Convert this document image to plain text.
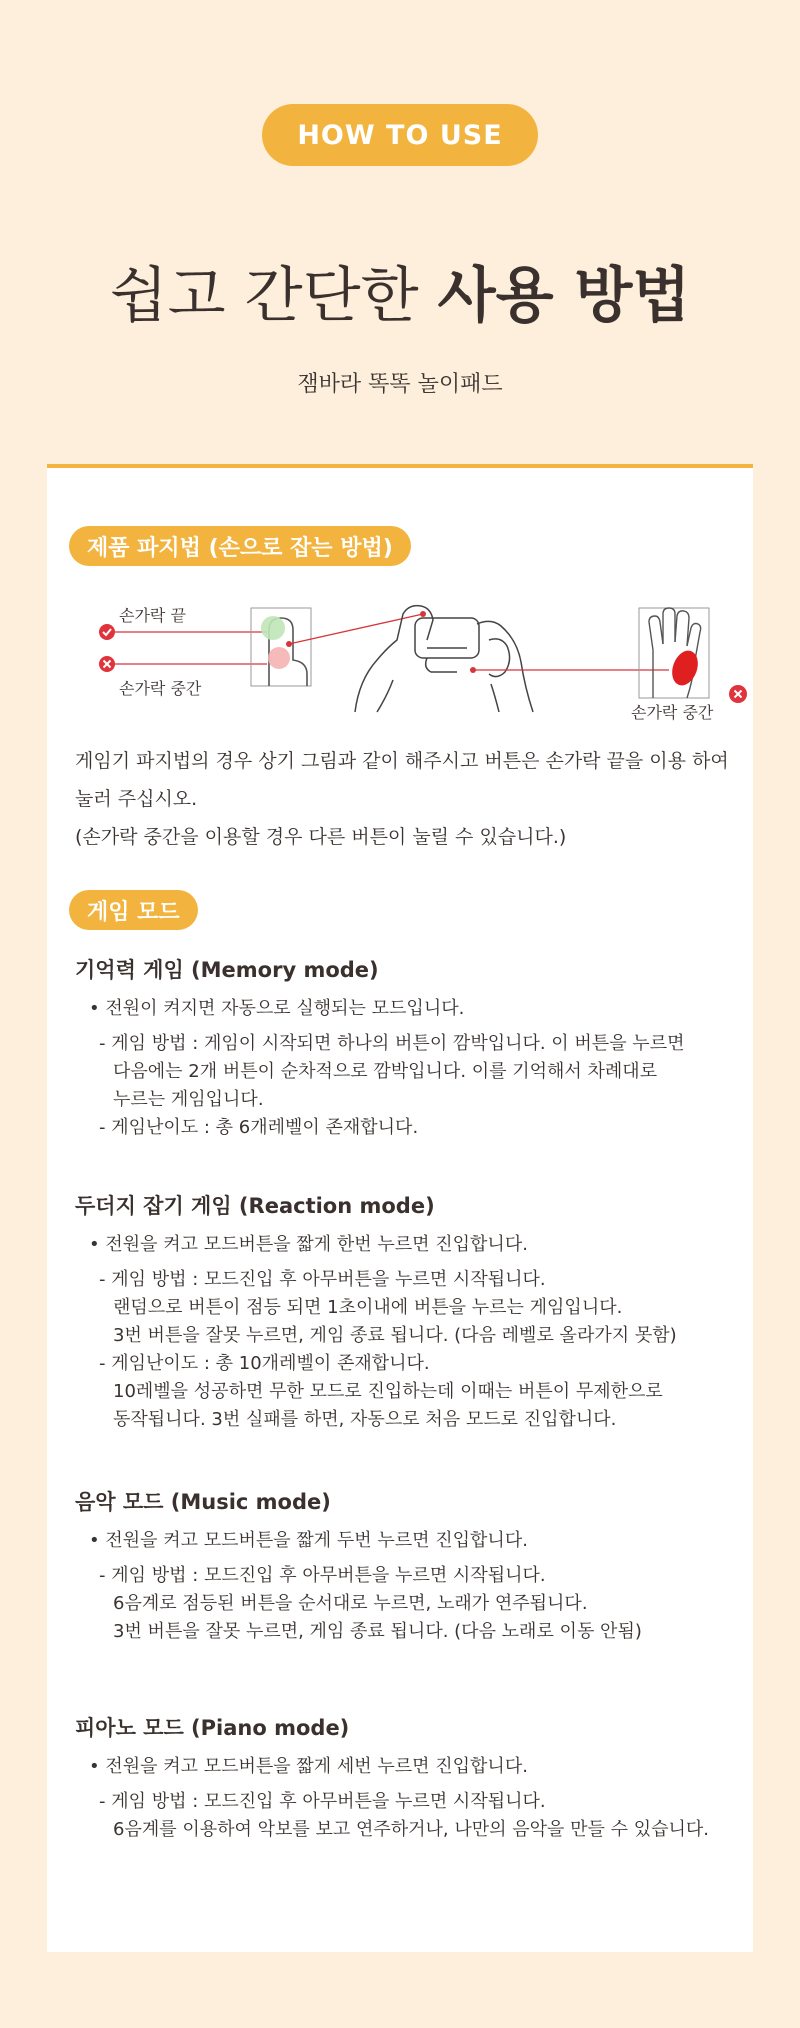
HOW TO USE
쉽고 간단한 사용 방법
잼바라 똑똑 놀이패드
제품 파지법 (손으로 잡는 방법)
손가락 끝
손가락 중간
손가락 중간
게임기 파지법의 경우 상기 그림과 같이 해주시고 버튼은 손가락 끝을 이용 하여
눌러 주십시오.
(손가락 중간을 이용할 경우 다른 버튼이 눌릴 수 있습니다.)
게임 모드
기억력 게임 (Memory mode)
• 전원이 켜지면 자동으로 실행되는 모드입니다.
- 게임 방법 : 게임이 시작되면 하나의 버튼이 깜박입니다. 이 버튼을 누르면
다음에는 2개 버튼이 순차적으로 깜박입니다. 이를 기억해서 차례대로
누르는 게임입니다.
- 게임난이도 : 총 6개레벨이 존재합니다.
두더지 잡기 게임 (Reaction mode)
• 전원을 켜고 모드버튼을 짧게 한번 누르면 진입합니다.
- 게임 방법 : 모드진입 후 아무버튼을 누르면 시작됩니다.
랜덤으로 버튼이 점등 되면 1초이내에 버튼을 누르는 게임입니다.
3번 버튼을 잘못 누르면, 게임 종료 됩니다. (다음 레벨로 올라가지 못함)
- 게임난이도 : 총 10개레벨이 존재합니다.
10레벨을 성공하면 무한 모드로 진입하는데 이때는 버튼이 무제한으로
동작됩니다. 3번 실패를 하면, 자동으로 처음 모드로 진입합니다.
음악 모드 (Music mode)
• 전원을 켜고 모드버튼을 짧게 두번 누르면 진입합니다.
- 게임 방법 : 모드진입 후 아무버튼을 누르면 시작됩니다.
6음계로 점등된 버튼을 순서대로 누르면, 노래가 연주됩니다.
3번 버튼을 잘못 누르면, 게임 종료 됩니다. (다음 노래로 이동 안됨)
피아노 모드 (Piano mode)
• 전원을 켜고 모드버튼을 짧게 세번 누르면 진입합니다.
- 게임 방법 : 모드진입 후 아무버튼을 누르면 시작됩니다.
6음계를 이용하여 악보를 보고 연주하거나, 나만의 음악을 만들 수 있습니다.
